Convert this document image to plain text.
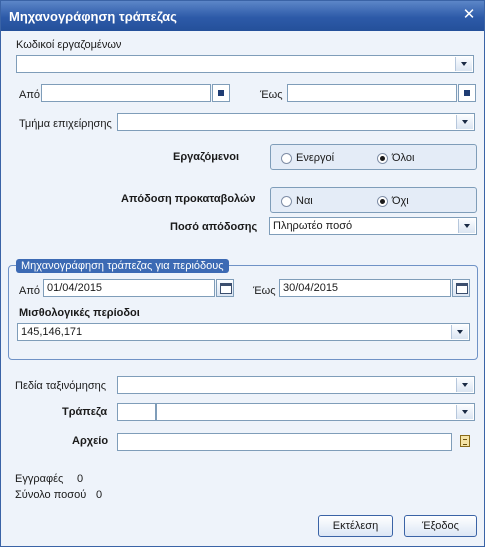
Μηχανογράφηση τράπεζας	✕
Κωδικοί εργαζομένων
Από	Έως
Τμήμα επιχείρησης
Εργαζόμενοι	Ενεργοί	Όλοι
Απόδοση προκαταβολών	Ναι	Όχι
Ποσό απόδοσης Πληρωτέο ποσό
Μηχανογράφηση τράπεζας για περιόδους
Από 01/04/2015	Έως 30/04/2015
Μισθολογικές περίοδοι
145,146,171
Πεδία ταξινόμησης
Τράπεζα
Αρχείο
Εγγραφές 0
Σύνολο ποσού 0
Εκτέλεση	Έξοδος
